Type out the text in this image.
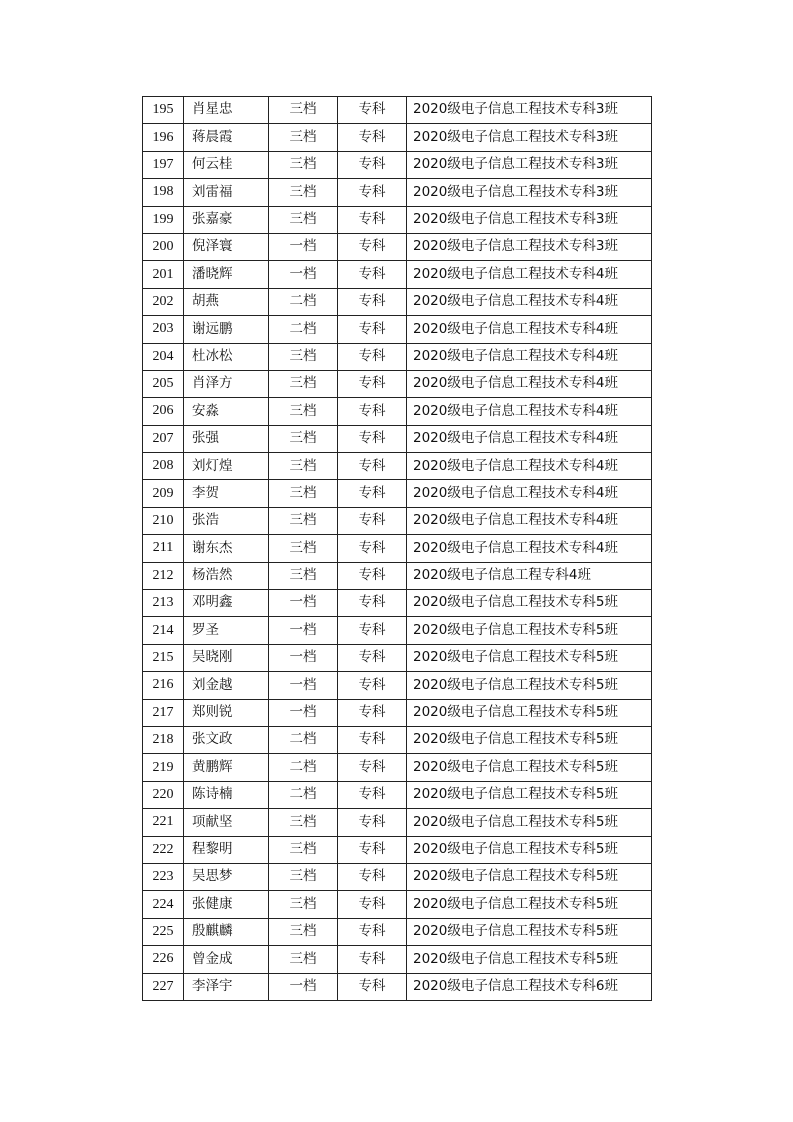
195	肖星忠	三档	专科	2020级电子信息工程技术专科3班
196	蒋晨霞	三档	专科	2020级电子信息工程技术专科3班
197	何云桂	三档	专科	2020级电子信息工程技术专科3班
198	刘雷福	三档	专科	2020级电子信息工程技术专科3班
199	张嘉豪	三档	专科	2020级电子信息工程技术专科3班
200	倪泽寰	一档	专科	2020级电子信息工程技术专科3班
201	潘晓辉	一档	专科	2020级电子信息工程技术专科4班
202	胡燕	二档	专科	2020级电子信息工程技术专科4班
203	谢远鹏	二档	专科	2020级电子信息工程技术专科4班
204	杜冰松	三档	专科	2020级电子信息工程技术专科4班
205	肖泽方	三档	专科	2020级电子信息工程技术专科4班
206	安淼	三档	专科	2020级电子信息工程技术专科4班
207	张强	三档	专科	2020级电子信息工程技术专科4班
208	刘灯煌	三档	专科	2020级电子信息工程技术专科4班
209	李贺	三档	专科	2020级电子信息工程技术专科4班
210	张浩	三档	专科	2020级电子信息工程技术专科4班
211	谢东杰	三档	专科	2020级电子信息工程技术专科4班
212	杨浩然	三档	专科	2020级电子信息工程专科4班
213	邓明鑫	一档	专科	2020级电子信息工程技术专科5班
214	罗圣	一档	专科	2020级电子信息工程技术专科5班
215	吴晓刚	一档	专科	2020级电子信息工程技术专科5班
216	刘金越	一档	专科	2020级电子信息工程技术专科5班
217	郑则锐	一档	专科	2020级电子信息工程技术专科5班
218	张文政	二档	专科	2020级电子信息工程技术专科5班
219	黄鹏辉	二档	专科	2020级电子信息工程技术专科5班
220	陈诗楠	二档	专科	2020级电子信息工程技术专科5班
221	项献坚	三档	专科	2020级电子信息工程技术专科5班
222	程黎明	三档	专科	2020级电子信息工程技术专科5班
223	吴思梦	三档	专科	2020级电子信息工程技术专科5班
224	张健康	三档	专科	2020级电子信息工程技术专科5班
225	殷麒麟	三档	专科	2020级电子信息工程技术专科5班
226	曾金成	三档	专科	2020级电子信息工程技术专科5班
227	李泽宇	一档	专科	2020级电子信息工程技术专科6班
